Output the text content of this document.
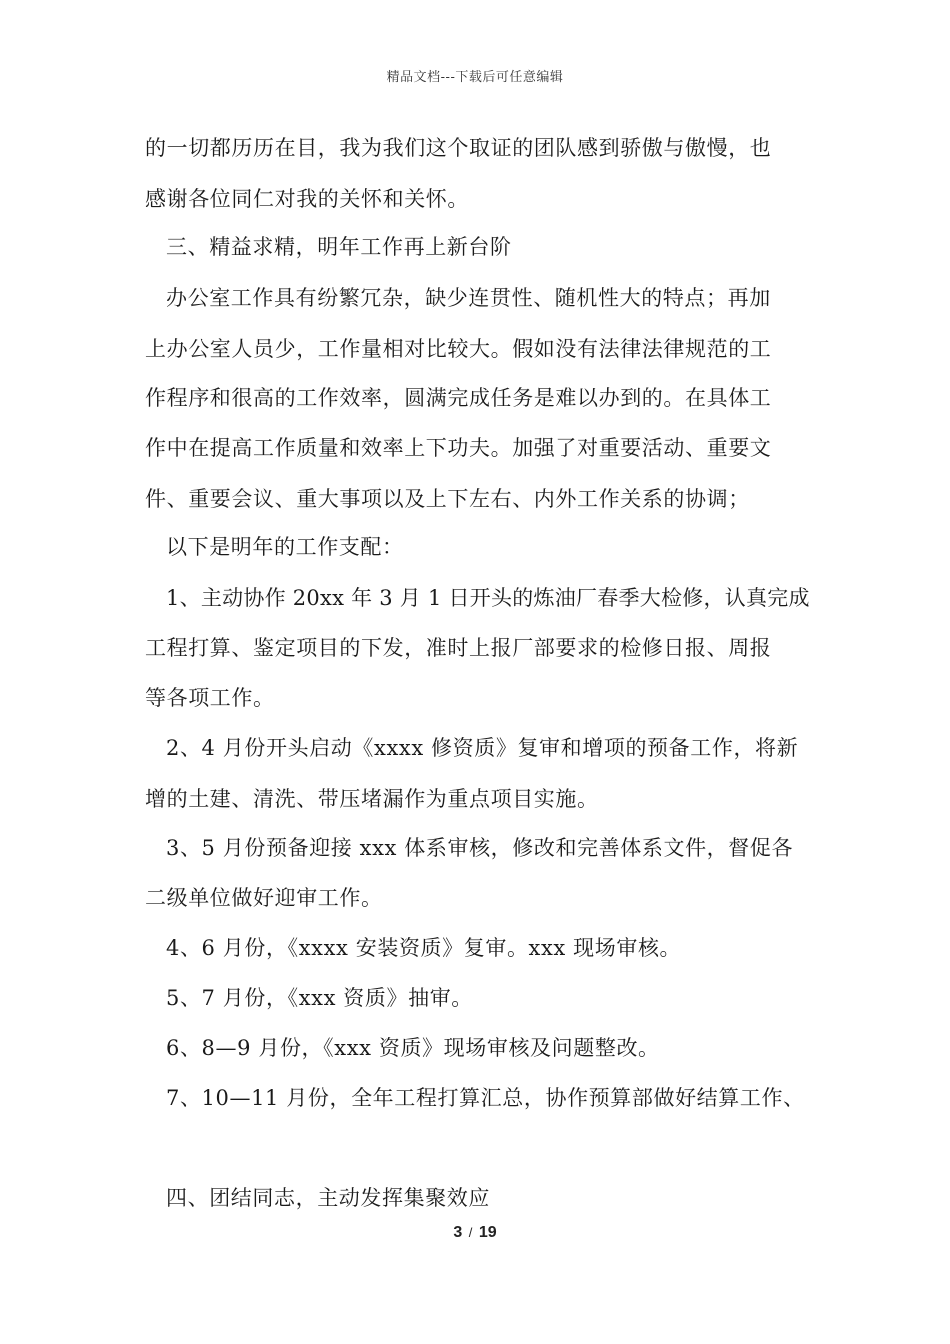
精品文档---下载后可任意编辑
的一切都历历在目，我为我们这个取证的团队感到骄傲与傲慢，也
感谢各位同仁对我的关怀和关怀。
三、精益求精，明年工作再上新台阶
办公室工作具有纷繁冗杂，缺少连贯性、随机性大的特点；再加
上办公室人员少，工作量相对比较大。假如没有法律法律规范的工
作程序和很高的工作效率，圆满完成任务是难以办到的。在具体工
作中在提高工作质量和效率上下功夫。加强了对重要活动、重要文
件、重要会议、重大事项以及上下左右、内外工作关系的协调；
以下是明年的工作支配：
1、主动协作 20xx 年 3 月 1 日开头的炼油厂春季大检修，认真完成
工程打算、鉴定项目的下发，准时上报厂部要求的检修日报、周报
等各项工作。
2、4 月份开头启动《xxxx 修资质》复审和增项的预备工作，将新
增的土建、清洗、带压堵漏作为重点项目实施。
3、5 月份预备迎接 xxx 体系审核，修改和完善体系文件，督促各
二级单位做好迎审工作。
4、6 月份，《xxxx 安装资质》复审。xxx 现场审核。
5、7 月份，《xxx 资质》抽审。
6、8—9 月份，《xxx 资质》现场审核及问题整改。
7、10—11 月份，全年工程打算汇总，协作预算部做好结算工作、
四、团结同志，主动发挥集聚效应
3 / 19
